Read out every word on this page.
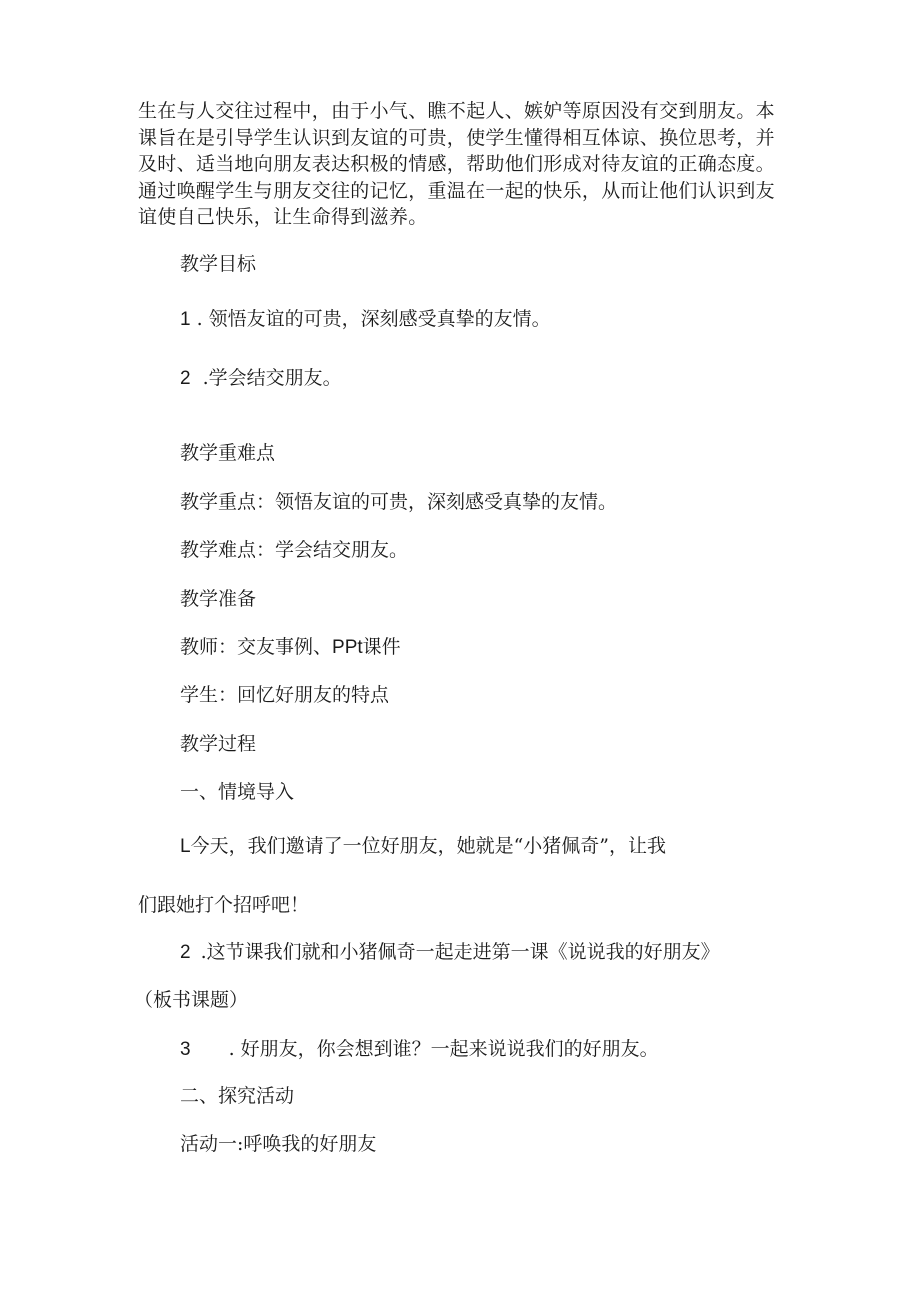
生在与人交往过程中，由于小气、瞧不起人、嫉妒等原因没有交到朋友。本课旨在是引导学生认识到友谊的可贵，使学生懂得相互体谅、换位思考，并及时、适当地向朋友表达积极的情感，帮助他们形成对待友谊的正确态度。通过唤醒学生与朋友交往的记忆，重温在一起的快乐，从而让他们认识到友谊使自己快乐，让生命得到滋养。

教学目标

1 . 领悟友谊的可贵，深刻感受真挚的友情。

2 .学会结交朋友。

教学重难点

教学重点：领悟友谊的可贵，深刻感受真挚的友情。

教学难点：学会结交朋友。

教学准备

教师：交友事例、PPt课件

学生：回忆好朋友的特点

教学过程

一、情境导入

L今天，我们邀请了一位好朋友，她就是“小猪佩奇”，让我

们跟她打个招呼吧！

2 .这节课我们就和小猪佩奇一起走进第一课《说说我的好朋友》

（板书课题）

3 . 好朋友，你会想到谁？一起来说说我们的好朋友。

二、探究活动

活动一:呼唤我的好朋友
